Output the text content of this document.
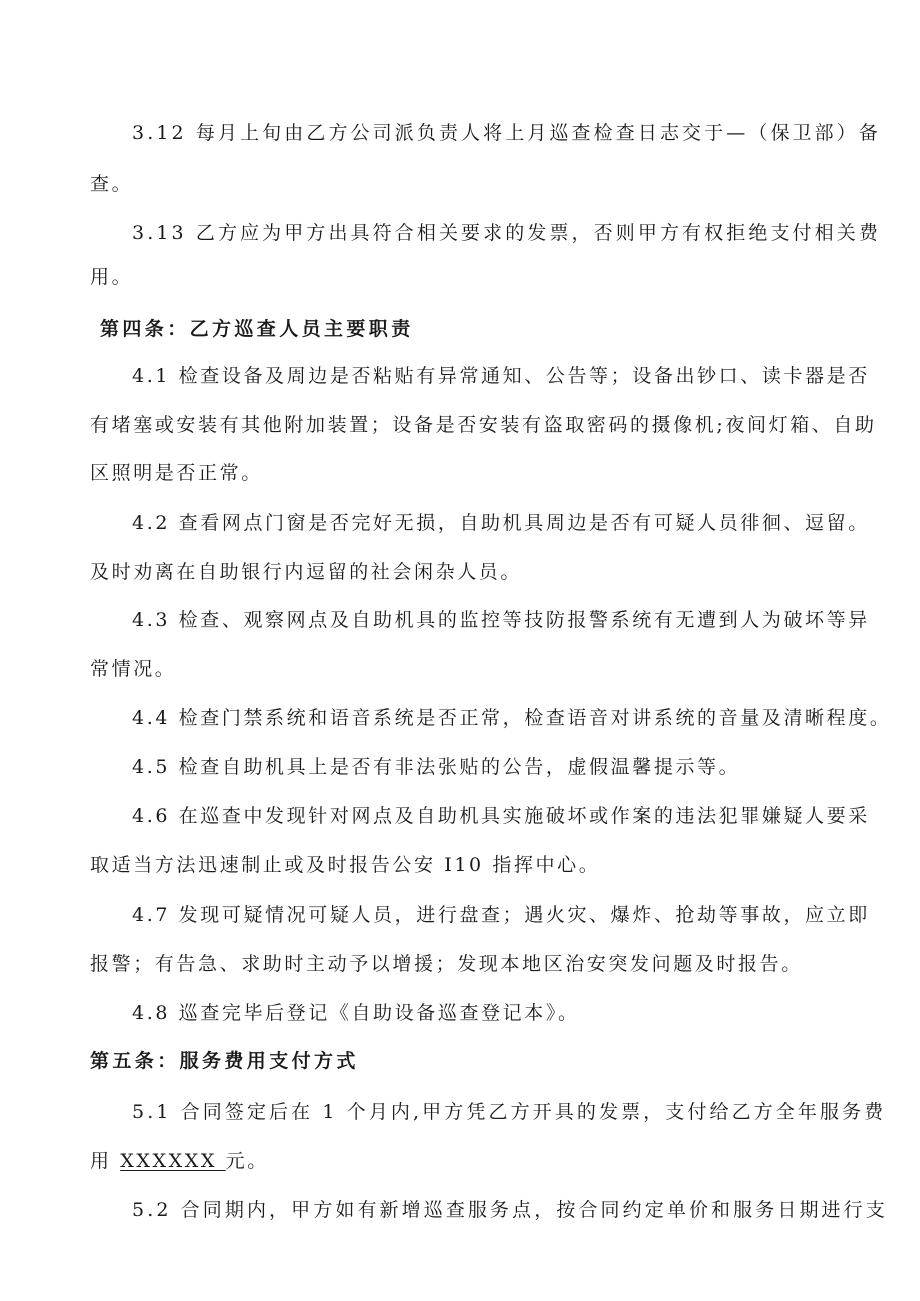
3.12 每月上旬由乙方公司派负责人将上月巡查检查日志交于—（保卫部）备
查。
3.13 乙方应为甲方出具符合相关要求的发票，否则甲方有权拒绝支付相关费
用。
第四条：乙方巡查人员主要职责
4.1 检查设备及周边是否粘贴有异常通知、公告等；设备出钞口、读卡器是否
有堵塞或安装有其他附加装置；设备是否安装有盗取密码的摄像机;夜间灯箱、自助
区照明是否正常。
4.2 查看网点门窗是否完好无损，自助机具周边是否有可疑人员徘徊、逗留。
及时劝离在自助银行内逗留的社会闲杂人员。
4.3 检查、观察网点及自助机具的监控等技防报警系统有无遭到人为破坏等异
常情况。
4.4 检查门禁系统和语音系统是否正常，检查语音对讲系统的音量及清晰程度。
4.5 检查自助机具上是否有非法张贴的公告，虚假温馨提示等。
4.6 在巡查中发现针对网点及自助机具实施破坏或作案的违法犯罪嫌疑人要采
取适当方法迅速制止或及时报告公安 I10 指挥中心。
4.7 发现可疑情况可疑人员，进行盘查；遇火灾、爆炸、抢劫等事故，应立即
报警；有告急、求助时主动予以增援；发现本地区治安突发问题及时报告。
4.8 巡查完毕后登记《自助设备巡查登记本》。
第五条：服务费用支付方式
5.1 合同签定后在 1 个月内,甲方凭乙方开具的发票，支付给乙方全年服务费
用 XXXXXX 元。
5.2 合同期内，甲方如有新增巡查服务点，按合同约定单价和服务日期进行支
